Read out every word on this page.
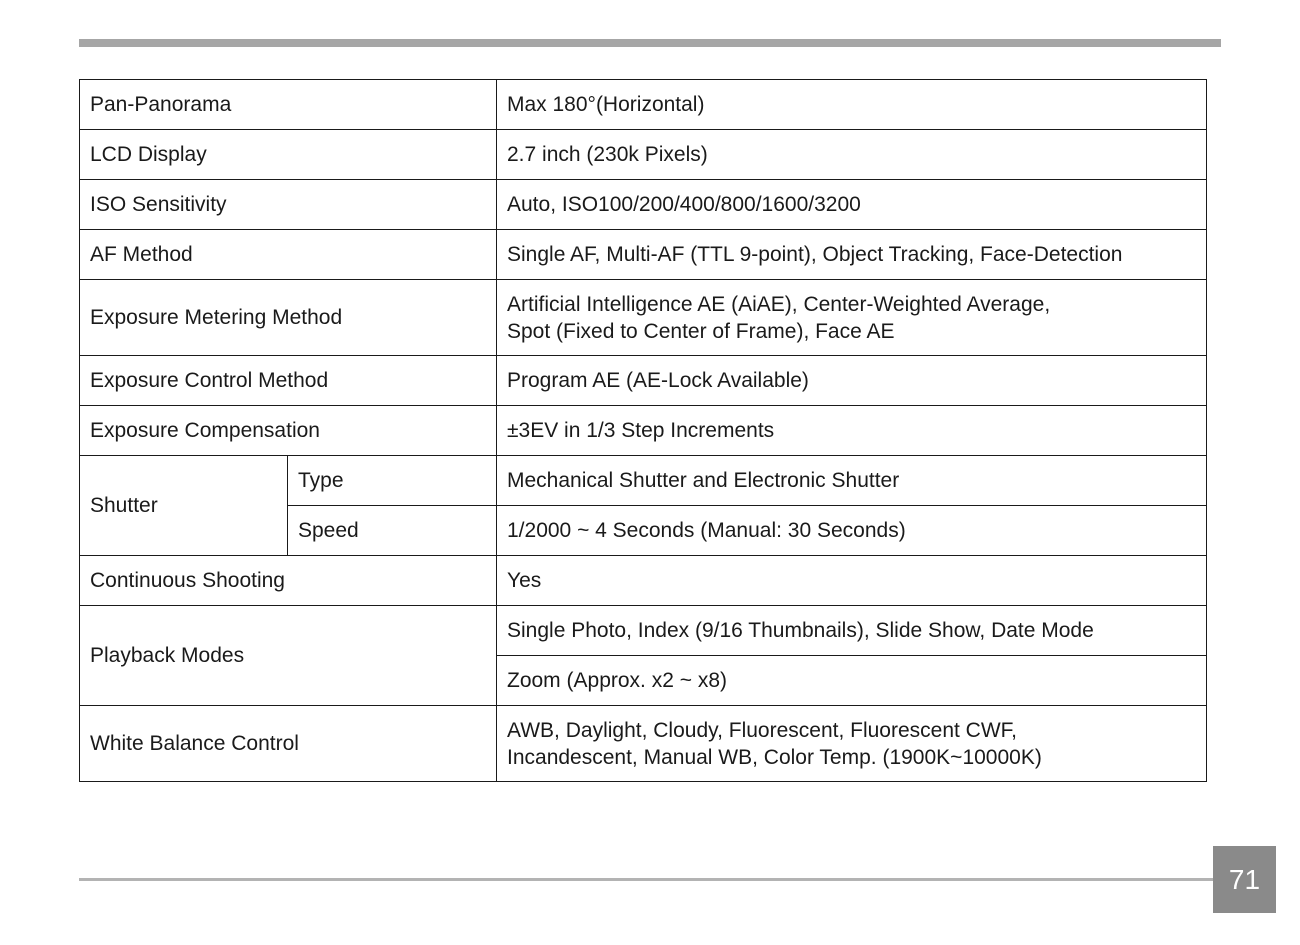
Pan-Panorama		Max 180°(Horizontal)
LCD Display		2.7 inch (230k Pixels)
ISO Sensitivity		Auto, ISO100/200/400/800/1600/3200
AF Method		Single AF, Multi-AF (TTL 9-point), Object Tracking, Face-Detection
Exposure Metering Method		Artificial Intelligence AE (AiAE), Center-Weighted Average,
Spot (Fixed to Center of Frame), Face AE

Exposure Control Method		Program AE (AE-Lock Available)
Exposure Compensation		±3EV in 1/3 Step Increments
Shutter	Type	Mechanical Shutter and Electronic Shutter
	Speed	1/2000 ~ 4 Seconds (Manual: 30 Seconds)
Continuous Shooting		Yes
Playback Modes		Single Photo, Index (9/16 Thumbnails), Slide Show, Date Mode
		Zoom (Approx. x2 ~ x8)
White Balance Control		AWB, Daylight, Cloudy, Fluorescent, Fluorescent CWF,
Incandescent, Manual WB, Color Temp. (1900K~10000K)
71
